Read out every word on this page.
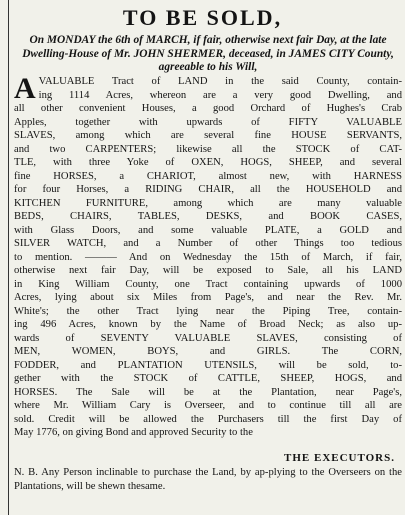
TO BE SOLD,
On MONDAY the 6th of MARCH, if fair, otherwise next fair Day, at the late Dwelling-House of Mr. JOHN SHERMER, deceased, in JAMES CITY County, agreeable to his Will,
A VALUABLE Tract of LAND in the said County, contain-
ing 1114 Acres, whereon are a very good Dwelling, and
all other convenient Houses, a good Orchard of Hughes's Crab
Apples, together with upwards of FIFTY VALUABLE
SLAVES, among which are several fine HOUSE SERVANTS,
and two CARPENTERS; likewise all the STOCK of CAT-
TLE, with three Yoke of OXEN, HOGS, SHEEP, and several
fine HORSES, a CHARIOT, almost new, with HARNESS
for four Horses, a RIDING CHAIR, all the HOUSEHOLD and
KITCHEN FURNITURE, among which are many valuable
BEDS, CHAIRS, TABLES, DESKS, and BOOK CASES,
with Glass Doors, and some valuable PLATE, a GOLD and
SILVER WATCH, and a Number of other Things too tedious
to mention. ——— And on Wednesday the 15th of March, if fair,
otherwise next fair Day, will be exposed to Sale, all his LAND
in King William County, one Tract containing upwards of 1000
Acres, lying about six Miles from Page's, and near the Rev. Mr.
White's; the other Tract lying near the Piping Tree, contain-
ing 496 Acres, known by the Name of Broad Neck; as also up-
wards of SEVENTY VALUABLE SLAVES, consisting of
MEN, WOMEN, BOYS, and GIRLS. The CORN,
FODDER, and PLANTATION UTENSILS, will be sold, to-
gether with the STOCK of CATTLE, SHEEP, HOGS, and
HORSES. The Sale will be at the Plantation, near Page's,
where Mr. William Cary is Overseer, and to continue till all are
sold. Credit will be allowed the Purchasers till the first Day of
May 1776, on giving Bond and approved Security to the
THE EXECUTORS.
N. B. Any Person inclinable to purchase the Land, by ap-plying to the Overseers on the Plantations, will be shewn thesame.
